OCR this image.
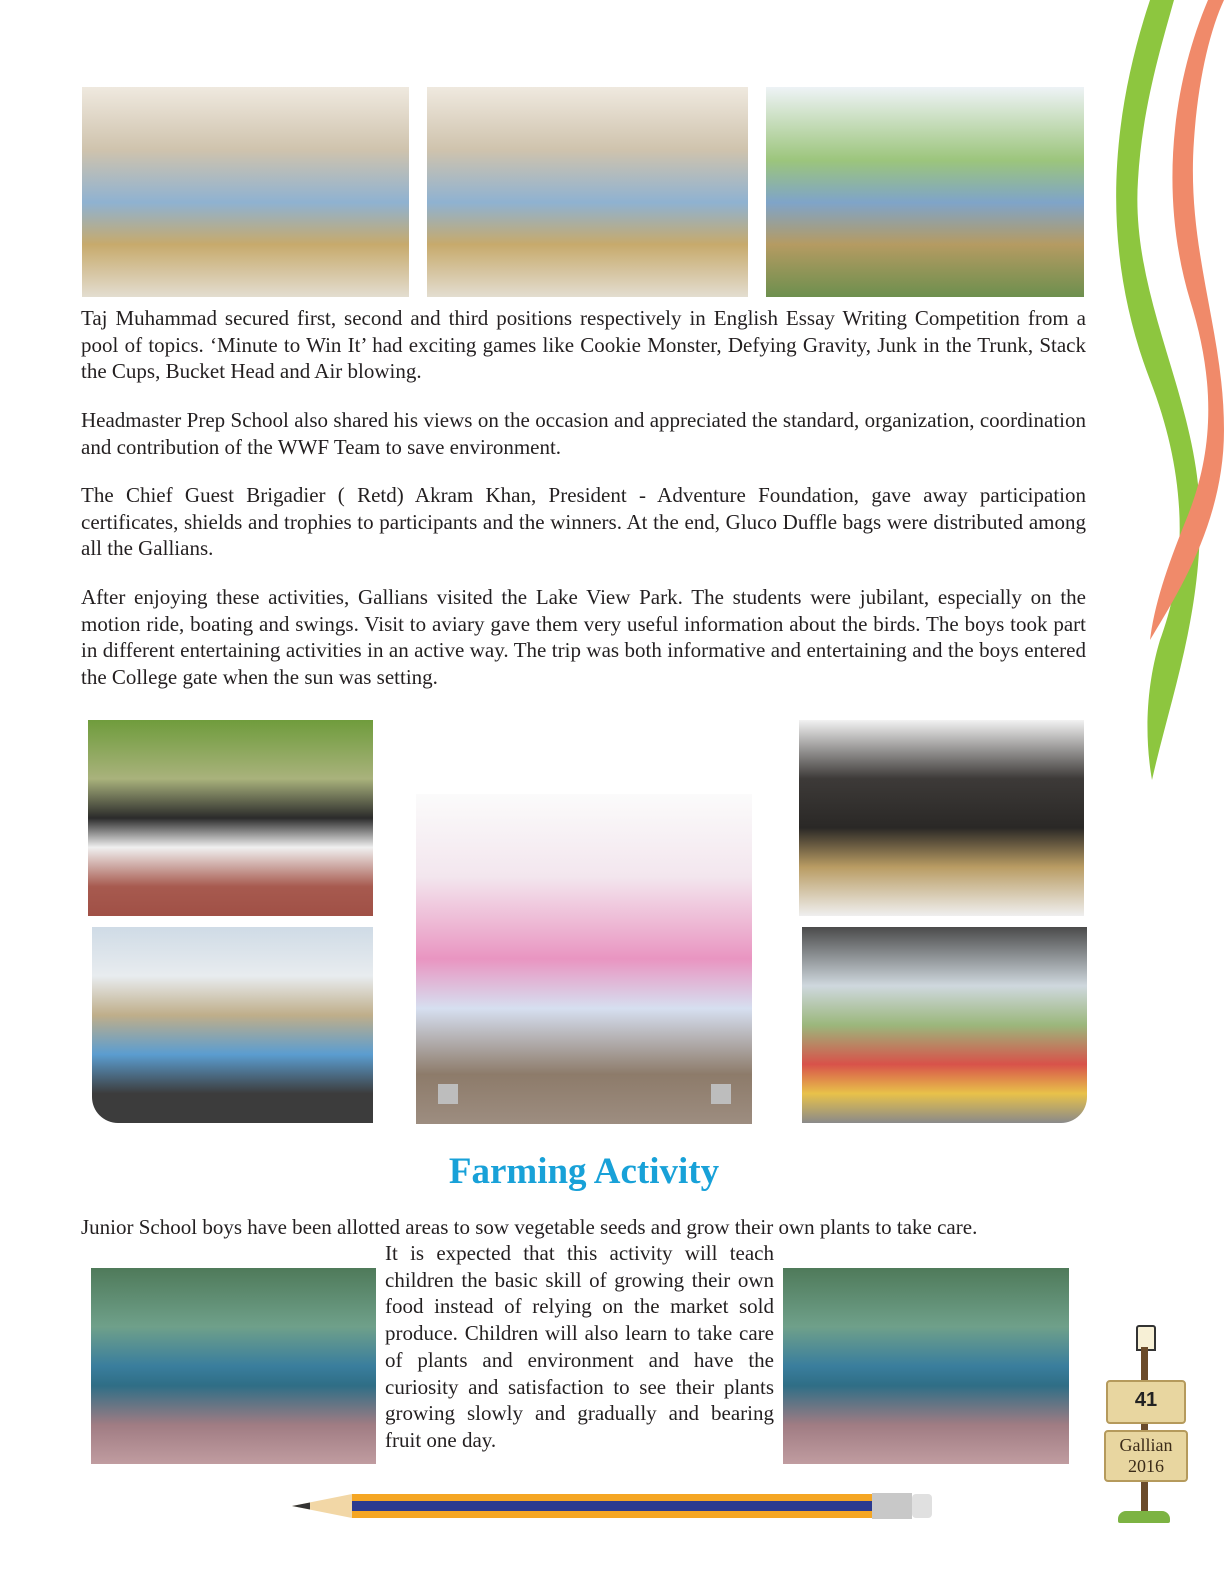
Taj Muhammad secured first, second and third positions respectively in English Essay Writing Competition from a pool of topics. ‘Minute to Win It’ had exciting games like Cookie Monster, Defying Gravity, Junk in the Trunk, Stack the Cups, Bucket Head and Air blowing.

Headmaster Prep School also shared his views on the occasion and appreciated the standard, organization, coordination and contribution of the WWF Team to save environment.

The Chief Guest Brigadier ( Retd) Akram Khan, President - Adventure Foundation, gave away participation certificates, shields and trophies to participants and the winners. At the end, Gluco Duffle bags were distributed among all the Gallians.

After enjoying these activities, Gallians visited the Lake View Park. The students were jubilant, especially on the motion ride, boating and swings. Visit to aviary gave them very useful information about the birds. The boys took part in different entertaining activities in an active way. The trip was both informative and entertaining and the boys entered the College gate when the sun was setting.

Farming Activity

Junior School boys have been allotted areas to sow vegetable seeds and grow their own plants to take care.

It is expected that this activity will teach children the basic skill of growing their own food instead of relying on the market sold produce. Children will also learn to take care of plants and environment and have the curiosity and satisfaction to see their plants growing slowly and gradually and bearing fruit one day.

41
Gallian
2016
